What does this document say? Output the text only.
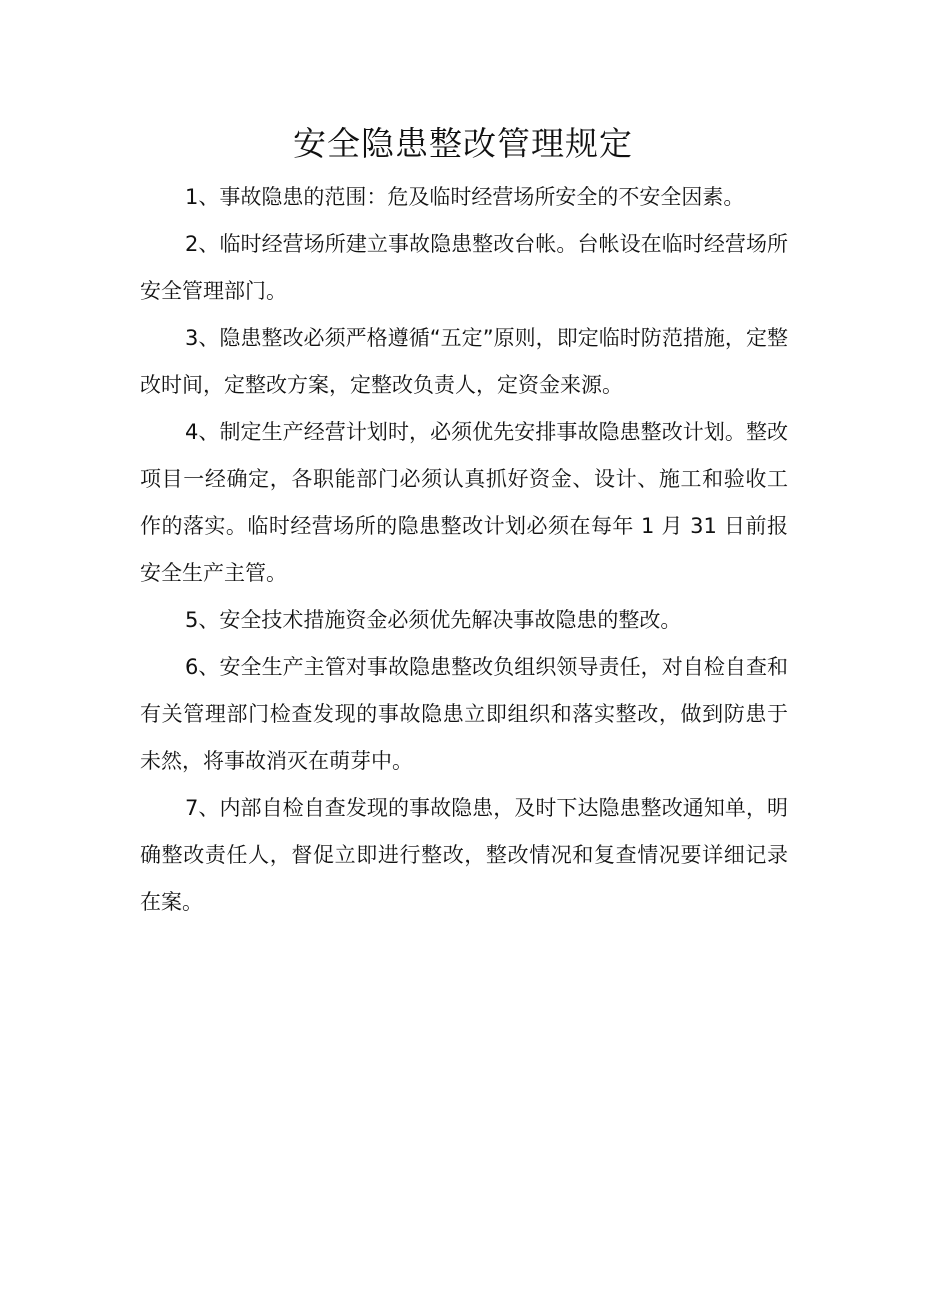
安全隐患整改管理规定

1、事故隐患的范围：危及临时经营场所安全的不安全因素。

2、临时经营场所建立事故隐患整改台帐。台帐设在临时经营场所安全管理部门。

3、隐患整改必须严格遵循“五定”原则，即定临时防范措施，定整改时间，定整改方案，定整改负责人，定资金来源。

4、制定生产经营计划时，必须优先安排事故隐患整改计划。整改项目一经确定，各职能部门必须认真抓好资金、设计、施工和验收工作的落实。临时经营场所的隐患整改计划必须在每年 1 月 31 日前报安全生产主管。

5、安全技术措施资金必须优先解决事故隐患的整改。

6、安全生产主管对事故隐患整改负组织领导责任，对自检自查和有关管理部门检查发现的事故隐患立即组织和落实整改，做到防患于未然，将事故消灭在萌芽中。

7、内部自检自查发现的事故隐患，及时下达隐患整改通知单，明确整改责任人，督促立即进行整改，整改情况和复查情况要详细记录在案。
